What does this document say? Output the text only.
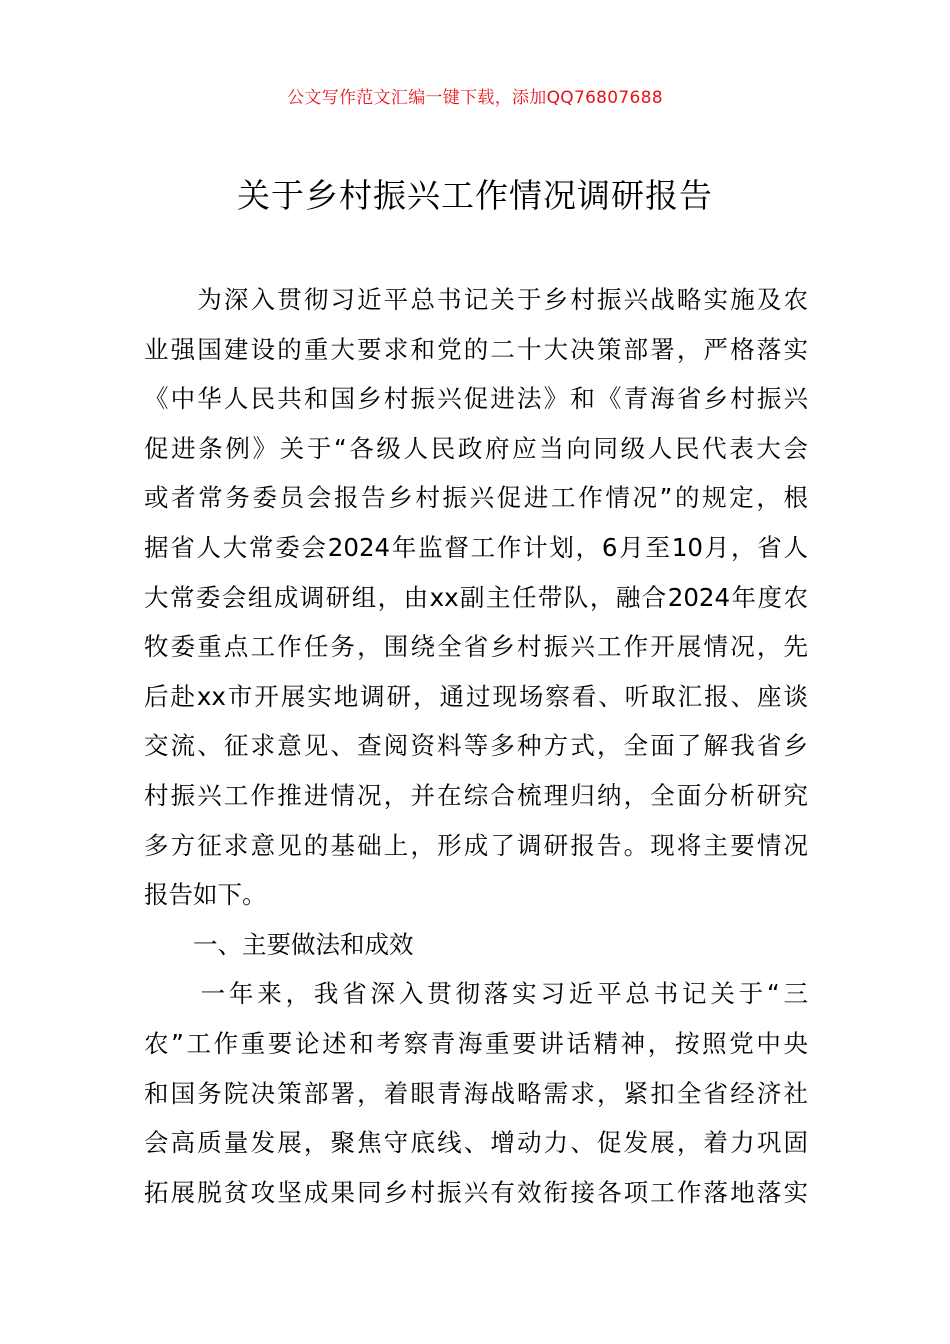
公文写作范文汇编一键下载，添加QQ76807688
关于乡村振兴工作情况调研报告
　　为深入贯彻习近平总书记关于乡村振兴战略实施及农
业强国建设的重大要求和党的二十大决策部署，严格落实
《中华人民共和国乡村振兴促进法》和《青海省乡村振兴
促进条例》关于“各级人民政府应当向同级人民代表大会
或者常务委员会报告乡村振兴促进工作情况”的规定，根
据省人大常委会2024年监督工作计划，6月至10月，省人
大常委会组成调研组，由xx副主任带队，融合2024年度农
牧委重点工作任务，围绕全省乡村振兴工作开展情况，先
后赴xx市开展实地调研，通过现场察看、听取汇报、座谈
交流、征求意见、查阅资料等多种方式，全面了解我省乡
村振兴工作推进情况，并在综合梳理归纳，全面分析研究
多方征求意见的基础上，形成了调研报告。现将主要情况
报告如下。
　　一、主要做法和成效
　　一年来，我省深入贯彻落实习近平总书记关于“三
农”工作重要论述和考察青海重要讲话精神，按照党中央
和国务院决策部署，着眼青海战略需求，紧扣全省经济社
会高质量发展，聚焦守底线、增动力、促发展，着力巩固
拓展脱贫攻坚成果同乡村振兴有效衔接各项工作落地落实
